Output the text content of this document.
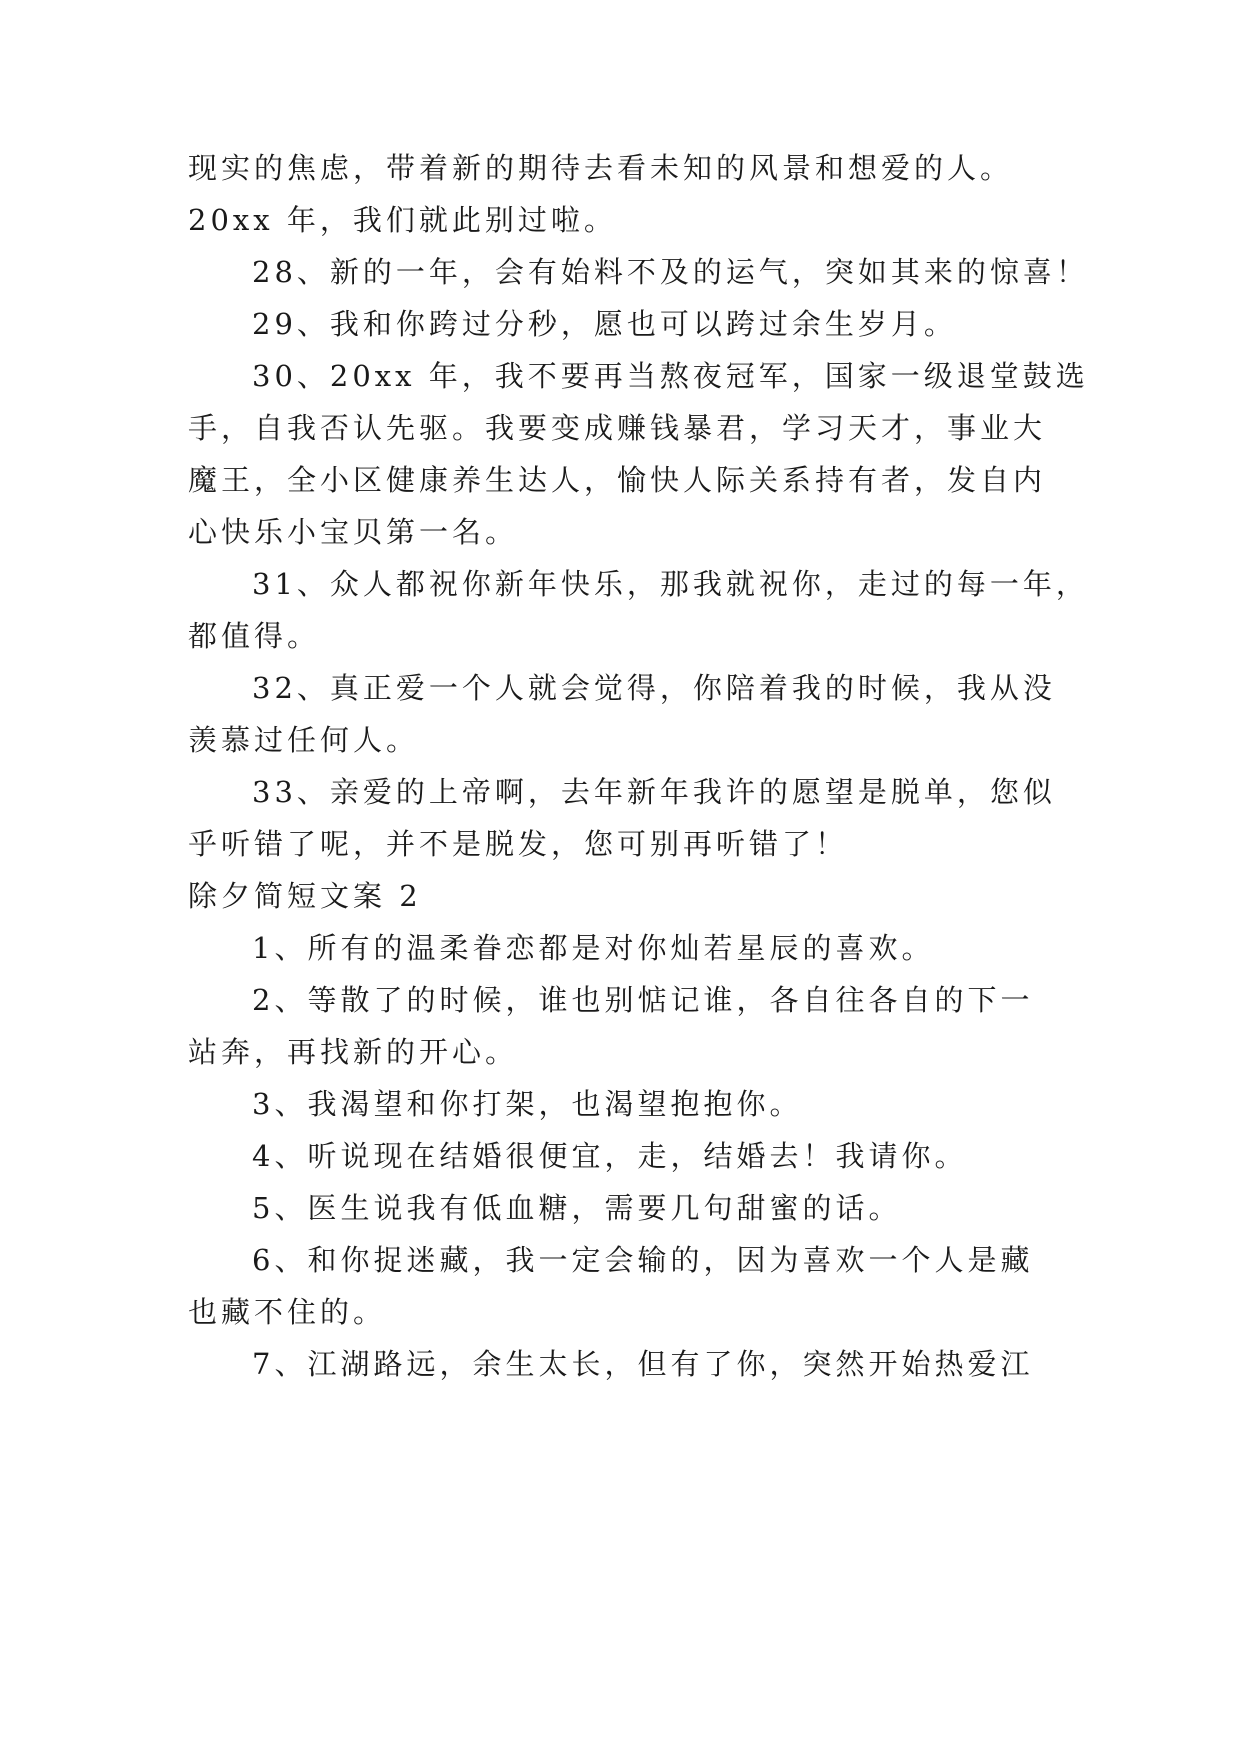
现实的焦虑，带着新的期待去看未知的风景和想爱的人。
20xx 年，我们就此别过啦。
28、新的一年，会有始料不及的运气，突如其来的惊喜！
29、我和你跨过分秒，愿也可以跨过余生岁月。
30、20xx 年，我不要再当熬夜冠军，国家一级退堂鼓选
手，自我否认先驱。我要变成赚钱暴君，学习天才，事业大
魔王，全小区健康养生达人，愉快人际关系持有者，发自内
心快乐小宝贝第一名。
31、众人都祝你新年快乐，那我就祝你，走过的每一年，
都值得。
32、真正爱一个人就会觉得，你陪着我的时候，我从没
羡慕过任何人。
33、亲爱的上帝啊，去年新年我许的愿望是脱单，您似
乎听错了呢，并不是脱发，您可别再听错了！
除夕简短文案 2
1、所有的温柔眷恋都是对你灿若星辰的喜欢。
2、等散了的时候，谁也别惦记谁，各自往各自的下一
站奔，再找新的开心。
3、我渴望和你打架，也渴望抱抱你。
4、听说现在结婚很便宜，走，结婚去！我请你。
5、医生说我有低血糖，需要几句甜蜜的话。
6、和你捉迷藏，我一定会输的，因为喜欢一个人是藏
也藏不住的。
7、江湖路远，余生太长，但有了你，突然开始热爱江
